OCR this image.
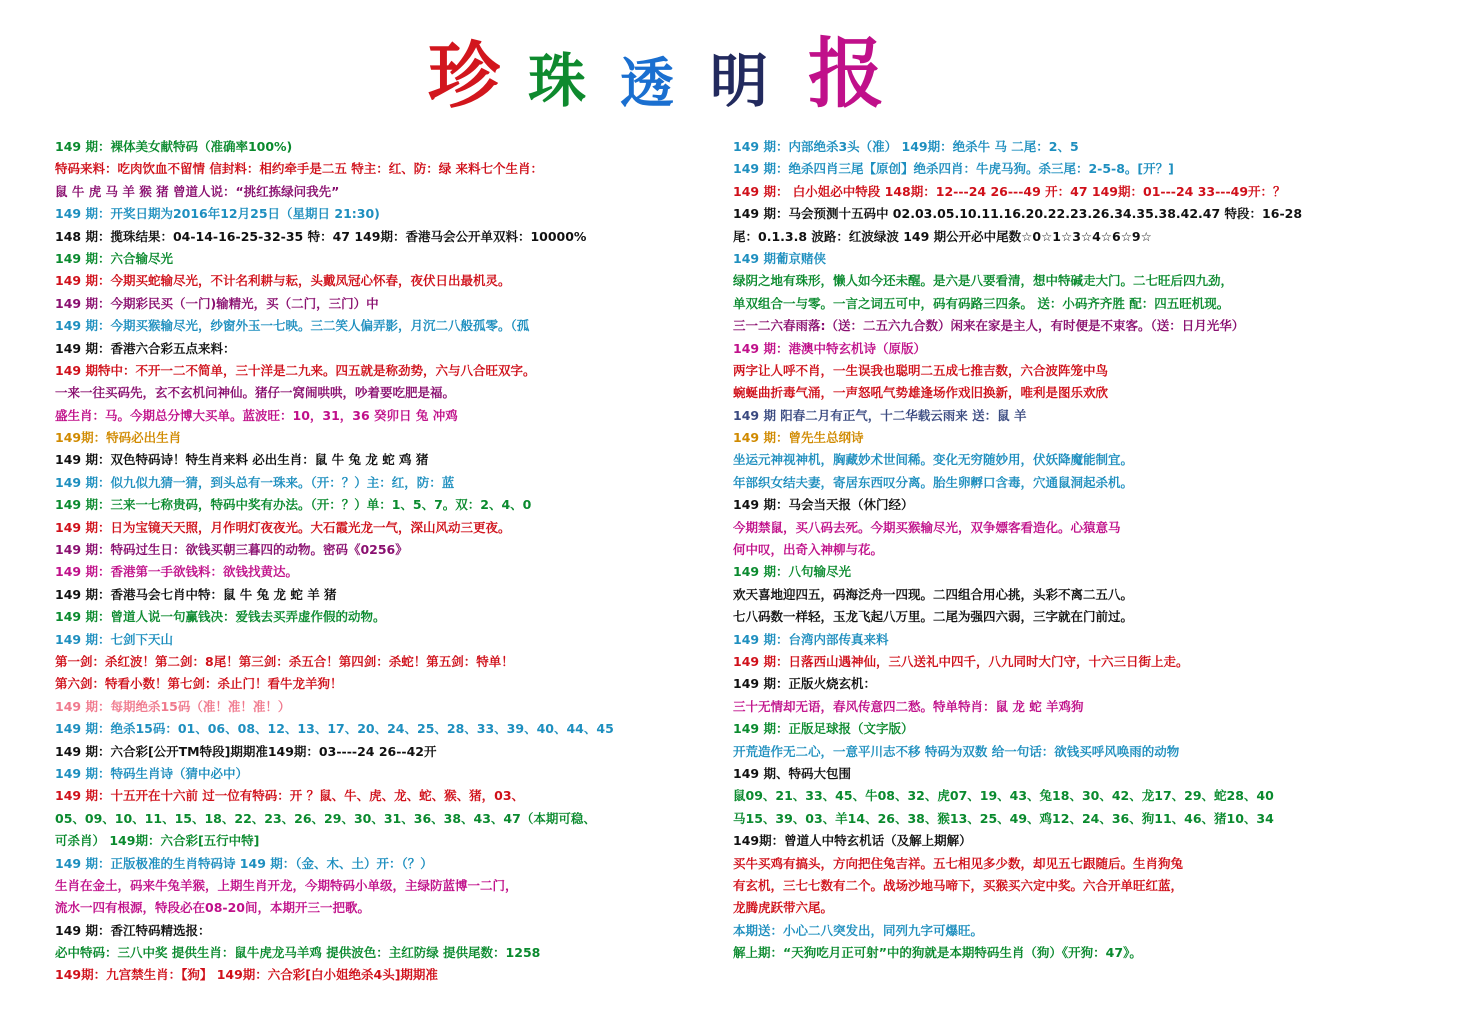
珍 珠 透 明 报
149 期：裸体美女献特码（准确率100%)
特码来料：吃肉饮血不留情 信封料：相约牵手是二五 特主：红、防：绿 来料七个生肖：
鼠 牛 虎 马 羊 猴 猪 曾道人说：“挑红拣绿问我先”
149 期：开奖日期为2016年12月25日（星期日 21:30)
148 期：揽珠结果：04-14-16-25-32-35 特：47 149期：香港马会公开单双料：10000%
149 期：六合输尽光
149 期：今期买蛇输尽光，不计名利耕与耘，头戴凤冠心怀春，夜伏日出最机灵。
149 期：今期彩民买（一门)输精光，买（二门，三门）中
149 期：今期买猴输尽光，纱窗外玉一七映。三二笑人偏弄影，月沉二八般孤零。（孤
149 期：香港六合彩五点来料：
149 期特中：不开一二不简单，三十洋是二九来。四五就是称劲势，六与八合旺双字。
一来一往买码先，玄不玄机问神仙。猪仔一窝闹哄哄，吵着要吃肥是福。
盛生肖：马。今期总分博大买单。蓝波旺：10，31，36 癸卯日 兔 冲鸡
149期：特码必出生肖
149 期：双色特码诗！特生肖来料 必出生肖：鼠 牛 兔 龙 蛇 鸡 猪
149 期：似九似九猜一猜，到头总有一珠来。（开：？）主：红，防：蓝
149 期：三来一七称贵码，特码中奖有办法。（开：？）单：1、5、7。双：2、4、0
149 期：日为宝镜天天照，月作明灯夜夜光。大石霞光龙一气，深山风动三更夜。
149 期：特码过生日：欲钱买朝三暮四的动物。密码《0256》
149 期：香港第一手欲钱料：欲钱找黄达。
149 期：香港马会七肖中特：鼠 牛 兔 龙 蛇 羊 猪
149 期：曾道人说一句赢钱决：爱钱去买弄虚作假的动物。
149 期：七剑下天山
第一剑：杀红波！第二剑：8尾！第三剑：杀五合！第四剑：杀蛇！第五剑：特单！
第六剑：特看小数！第七剑：杀止门！看牛龙羊狗！
149 期：每期绝杀15码（准！准！准！）
149 期：绝杀15码：01、06、08、12、13、17、20、24、25、28、33、39、40、44、45
149 期：六合彩[公开TM特段]期期准149期：03----24 26--42开
149 期：特码生肖诗（猜中必中）
149 期：十五开在十六前 过一位有特码：开 ？鼠、牛、虎、龙、蛇、猴、猪，03、
05、09、10、11、15、18、22、23、26、29、30、31、36、38、43、47（本期可稳、
可杀肖） 149期：六合彩[五行中特]
149 期：正版极准的生肖特码诗 149 期：（金、木、土）开：（？）
生肖在金土，码来牛兔羊猴，上期生肖开龙，今期特码小单级，主绿防蓝博一二门，
流水一四有根源，特段必在08-20间，本期开三一把歌。
149 期：香江特码精选报：
必中特码：三八中奖 提供生肖：鼠牛虎龙马羊鸡 提供波色：主红防绿 提供尾数：1258
149期：九宫禁生肖：【狗】 149期：六合彩[白小姐绝杀4头]期期准
149 期：内部绝杀3头（准） 149期：绝杀牛 马 二尾：2、5
149 期：绝杀四肖三尾【原创】绝杀四肖：牛虎马狗。杀三尾：2-5-8。[开？]
149 期： 白小姐必中特段 148期：12---24 26---49 开：47 149期：01---24 33---49开：？
149 期：马会预测十五码中 02.03.05.10.11.16.20.22.23.26.34.35.38.42.47 特段：16-28
尾：0.1.3.8 波路：红波绿波 149 期公开必中尾数☆0☆1☆3☆4☆6☆9☆
149 期葡京赌侠
绿阴之地有珠形，懒人如今还未醒。是六是八要看清，想中特碱走大门。二七旺后四九劲，
单双组合一与零。一言之词五可中，码有码路三四条。 送：小码齐齐胜 配：四五旺机现。
三一二六春雨落:（送：二五六九合数）闲来在家是主人，有时便是不束客。（送：日月光华）
149 期：港澳中特玄机诗（原版）
两字让人呼不肖，一生误我也聪明二五成七推吉数，六合波阵笼中鸟
蜿蜒曲折毒气涌，一声怒吼气势雄逢场作戏旧换新，唯利是图乐欢欣
149 期 阳春二月有正气，十二华载云雨来 送：鼠 羊
149 期：曾先生总纲诗
坐运元神视神机，胸藏妙术世间稀。变化无穷随妙用，伏妖降魔能制宜。
年部织女结夫妻，寄居东西叹分离。胎生卵孵口含毒，穴通鼠洞起杀机。
149 期：马会当天报（休门经）
今期禁鼠，买八码去死。今期买猴输尽光，双争嫖客看造化。心猿意马
何中叹，出奇入神柳与花。
149 期：八句输尽光
欢天喜地迎四五，码海泛舟一四现。二四组合用心挑，头彩不离二五八。
七八码数一样轻，玉龙飞起八万里。二尾为强四六弱，三字就在门前过。
149 期：台湾内部传真来料
149 期：日落西山遇神仙，三八送礼中四千，八九同时大门守，十六三日街上走。
149 期：正版火烧玄机：
三十无情却无语，春风传意四二愁。特单特肖：鼠 龙 蛇 羊鸡狗
149 期：正版足球报（文字版）
开荒造作无二心，一意平川志不移 特码为双数 给一句话：欲钱买呼风唤雨的动物
149 期、特码大包围
鼠09、21、33、45、牛08、32、虎07、19、43、兔18、30、42、龙17、29、蛇28、40
马15、39、03、羊14、26、38、猴13、25、49、鸡12、24、36、狗11、46、猪10、34
149期：曾道人中特玄机话（及解上期解）
买牛买鸡有搞头，方向把住兔吉祥。五七相见多少数，却见五七跟随后。生肖狗兔
有玄机，三七七数有二个。战场沙地马啼下，买猴买六定中奖。六合开单旺红蓝，
龙腾虎跃带六尾。
本期送：小心二八突发出，同列九字可爆旺。
解上期：“天狗吃月正可射”中的狗就是本期特码生肖（狗）《开狗：47》。
